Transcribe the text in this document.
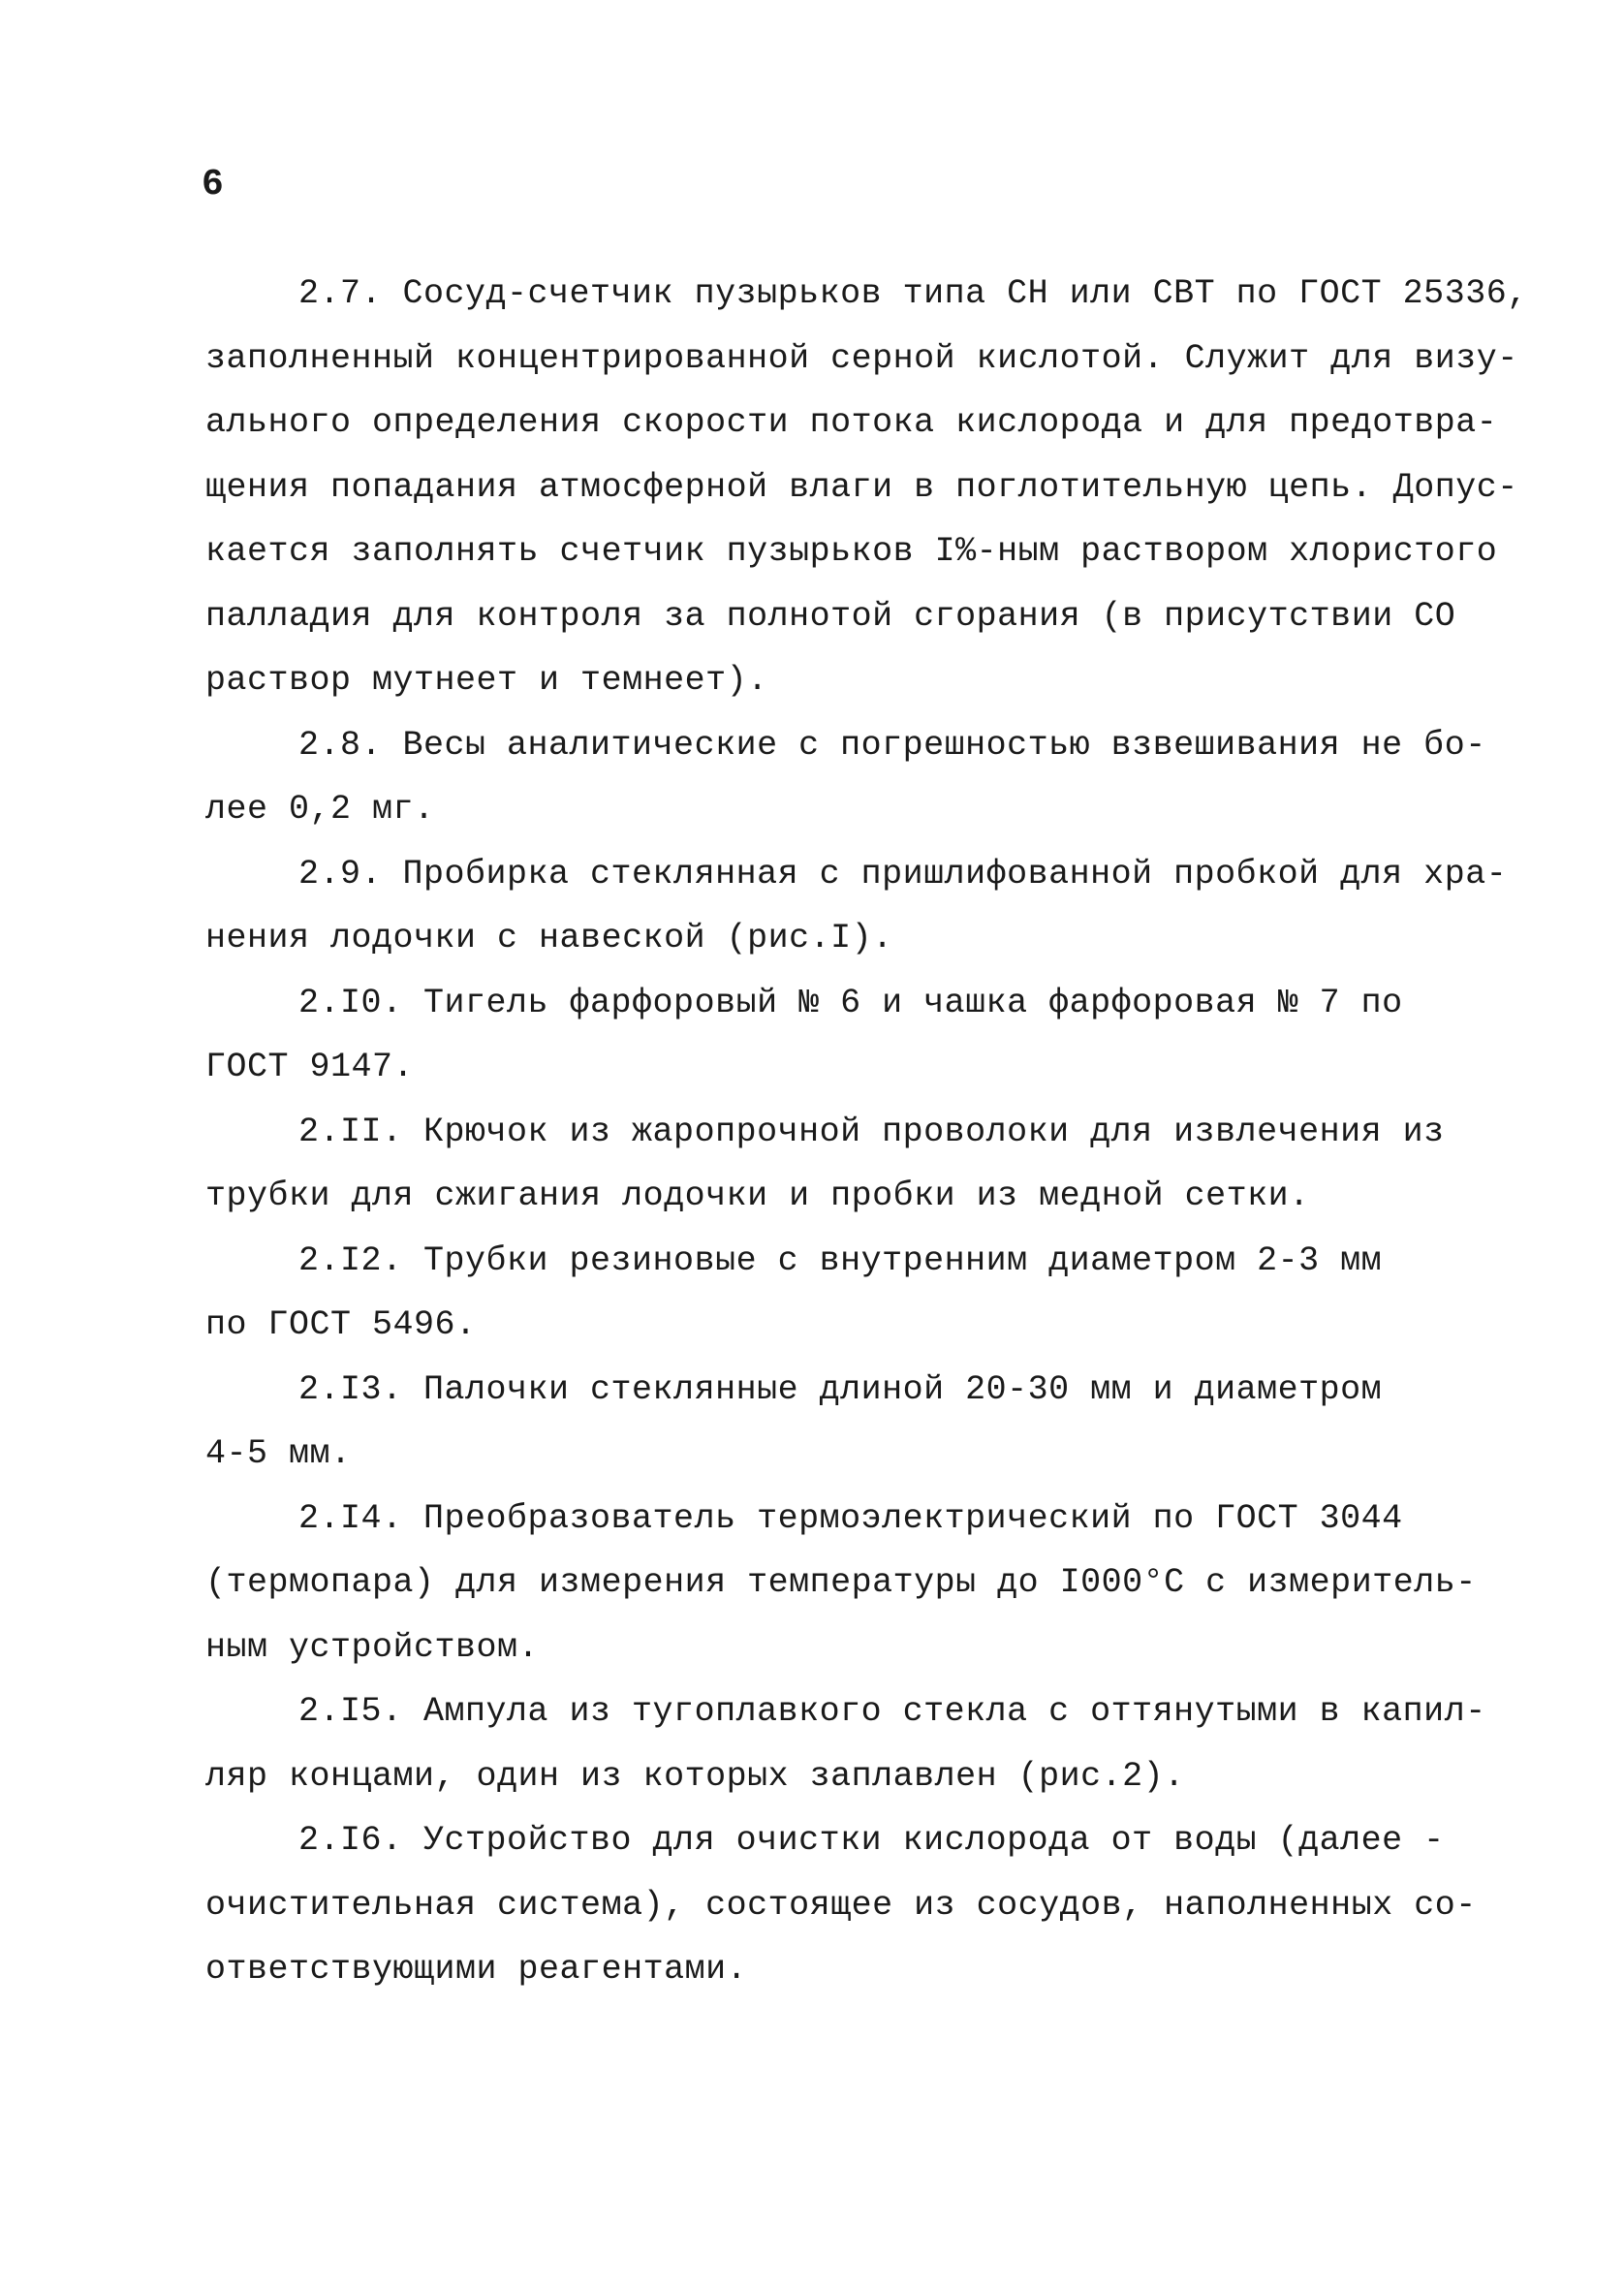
6
2.7. Сосуд-счетчик пузырьков типа СН или СВТ по ГОСТ 25336,
заполненный концентрированной серной кислотой. Служит для визу-
ального определения скорости потока кислорода и для предотвра-
щения попадания атмосферной влаги в поглотительную цепь. Допус-
кается заполнять счетчик пузырьков I%-ным раствором хлористого
палладия для контроля за полнотой сгорания (в присутствии СО
раствор мутнеет и темнеет).
2.8. Весы аналитические с погрешностью взвешивания не бо-
лее 0,2 мг.
2.9. Пробирка стеклянная с пришлифованной пробкой для хра-
нения лодочки с навеской (рис.I).
2.I0. Тигель фарфоровый № 6 и чашка фарфоровая № 7 по
ГОСТ 9147.
2.II. Крючок из жаропрочной проволоки для извлечения из
трубки для сжигания лодочки и пробки из медной сетки.
2.I2. Трубки резиновые с внутренним диаметром 2-3 мм
по ГОСТ 5496.
2.I3. Палочки стеклянные длиной 20-30 мм и диаметром
4-5 мм.
2.I4. Преобразователь термоэлектрический по ГОСТ 3044
(термопара) для измерения температуры до I000°С с измеритель-
ным устройством.
2.I5. Ампула из тугоплавкого стекла с оттянутыми в капил-
ляр концами, один из которых заплавлен (рис.2).
2.I6. Устройство для очистки кислорода от воды (далее -
очистительная система), состоящее из сосудов, наполненных со-
ответствующими реагентами.
